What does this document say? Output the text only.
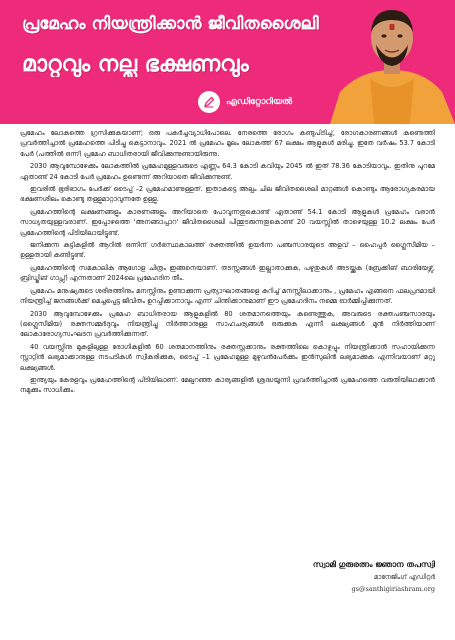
പ്രമേഹം നിയന്ത്രിക്കാൻ ജീവിതശൈലി
മാറ്റവും നല്ല ഭക്ഷണവും
എഡിറ്റോറിയൽ

പ്രമേഹം ലോകത്തെ ഗ്രസിക്കുകയാണ്; ഒരു പകർച്ചവ്യാധിപോലെ. നേരത്തെ രോഗം കണ്ടുപിടിച്ച്, രോഗകാരണങ്ങൾ കണ്ടെത്തി പ്രവർത്തിച്ചാൽ പ്രമേഹത്തെ പിടിച്ചു കെട്ടാനാവും. 2021 ൽ പ്രമേഹം മൂലം ലോകത്ത് 67 ലക്ഷം ആളുകൾ മരിച്ചു. ഇതേ വർഷം 53.7 കോടി പേർ (പത്തിൽ ഒന്ന്) പ്രമേഹ ബാധിതരായി ജീവിക്കുന്നുണ്ടായിരുന്നു.

2030 ആവുമ്പോഴേക്കും ലോകത്തിൽ പ്രമേഹമുള്ളവരുടെ എണ്ണം 64.3 കോടി കവിയും 2045 ൽ ഇത് 78.36 കോടിയാവും. ഇതിനു പുറമേ ഏതാണ്ട് 24 കോടി പേർ പ്രമേഹം ഉണ്ടെന്ന് അറിയാതെ ജീവിക്കുന്നുണ്ട്.

ഇവരിൽ ഭൂരിഭാഗം പേർക്ക് ടൈപ്പ് –2 പ്രമേഹമാണുള്ളത്. ഇതാകട്ടെ അല്പം ചില ജീവിതശൈലി മാറ്റങ്ങൾ കൊണ്ടും ആരോഗ്യകരമായ ഭക്ഷണശീലം കൊണ്ടു തള്ളുമാറ്റാവുന്നതേ ഉള്ളു.

പ്രമേഹത്തിന്റെ ലക്ഷണങ്ങളും കാരണങ്ങളും അറിയാതെ പോവുന്നതുകൊണ്ട് ഏതാണ്ട് 54.1 കോടി ആളുകൾ പ്രമേഹം വരാൻ സാധ്യതയുള്ളവരാണ്. ഇപ്പോഴത്തെ 'അനങ്ങാപ്പാറ' ജീവിതശൈലി പിന്തുടരുന്നതുകൊണ്ട് 20 വയസ്സിൽ താഴെയുള്ള 10.2 ലക്ഷം പേർ പ്രമേഹത്തിന്റെ പിടിയിലായിട്ടുണ്ട്.

ജനിക്കുന്ന കുട്ടികളിൽ ആറിൽ ഒന്നിന് ഗർഭസ്ഥകാലത്ത് രക്തത്തിൽ ഉയർന്ന പഞ്ചസാരയുടെ അളവ് – ഹൈപ്പർ ഗ്ലൈസീമിയ – ഉള്ളതായി കണ്ടിട്ടുണ്ട്.

പ്രമേഹത്തിന്റെ സമകാലിക ആഗോള ചിത്രം ഇങ്ങനെയാണ്. തടസ്സങ്ങൾ ഇല്ലാതാക്കുക, പഴുതുകൾ അടയ്ക്കുക (ബ്രേക്കിങ് ബാരിയേഴ്സ്, ബ്രിഡ്ജിങ് ഗാപ്സ്) എന്നതാണ് 2024ലെ പ്രമേഹദിന തീം.

പ്രമേഹം മനുഷ്യരുടെ ശരീരത്തിനും മനസ്സിനും ഉണ്ടാക്കുന്ന പ്രത്യാഘാതങ്ങളെ കുറിച്ച് മനസ്സിലാക്കാനും , പ്രമേഹം എങ്ങനെ ഫലപ്രദമായി നിയന്ത്രിച്ച് ജനങ്ങൾക്ക് മെച്ചപ്പെട്ട ജീവിതം ഉറപ്പിക്കാനാവും എന്ന് ചിന്തിക്കാനുമാണ് ഈ പ്രമേഹദിനം നമ്മെ ഓർമ്മിപ്പിക്കുന്നത്.

2030 ആവുമ്പോഴേക്കും പ്രമേഹ ബാധിതരായ ആളുകളിൽ 80 ശതമാനത്തെയും കണ്ടെത്തുക, അവരുടെ രക്തപഞ്ചസാരയും (ഗ്ലൈസീമിയ) രക്തസമ്മർദ്ദവും നിയന്ത്രിച്ചു നിർത്താനുള്ള സാഹചര്യങ്ങൾ ഒരുക്കുക എന്നീ ലക്ഷ്യങ്ങൾ മുൻ നിർത്തിയാണ് ലോകാരോഗ്യസംഘടന പ്രവർത്തിക്കുന്നത്.

40 വയസ്സിനു മുകളിലുള്ള രോഗികളിൽ 60 ശതമാനത്തിനും രക്തസ്റ്റക്കാനും രക്തത്തിലെ കൊഴുപ്പും നിയന്ത്രിക്കാൻ സഹായിക്കുന്ന സ്റ്റാറ്റിൻ ലഭ്യമാക്കാനുള്ള നടപടികൾ സ്വീകരിക്കുക, ടൈപ്പ് –1 പ്രമേഹമുള്ള മുഴുവൻപേർക്കും ഇൻസുലിൻ ലഭ്യമാക്കുക എന്നിവയാണ് മറ്റു ലക്ഷ്യങ്ങൾ.

ഇന്ത്യയും കേരളവും പ്രമേഹത്തിന്റെ പിടിയിലാണ്. മേല്പറഞ്ഞ കാര്യങ്ങളിൽ ശ്രദ്ധയൂന്നി പ്രവർത്തിച്ചാൽ പ്രമേഹത്തെ വരുതിയിലാക്കാൻ നമുക്കും സാധിക്കും.

സ്വാമി ഗുരുരത്നം ജ്ഞാന തപസ്വി
മാനേജിംഗ് എഡിറ്റർ
gs@santhigiriashram.org
